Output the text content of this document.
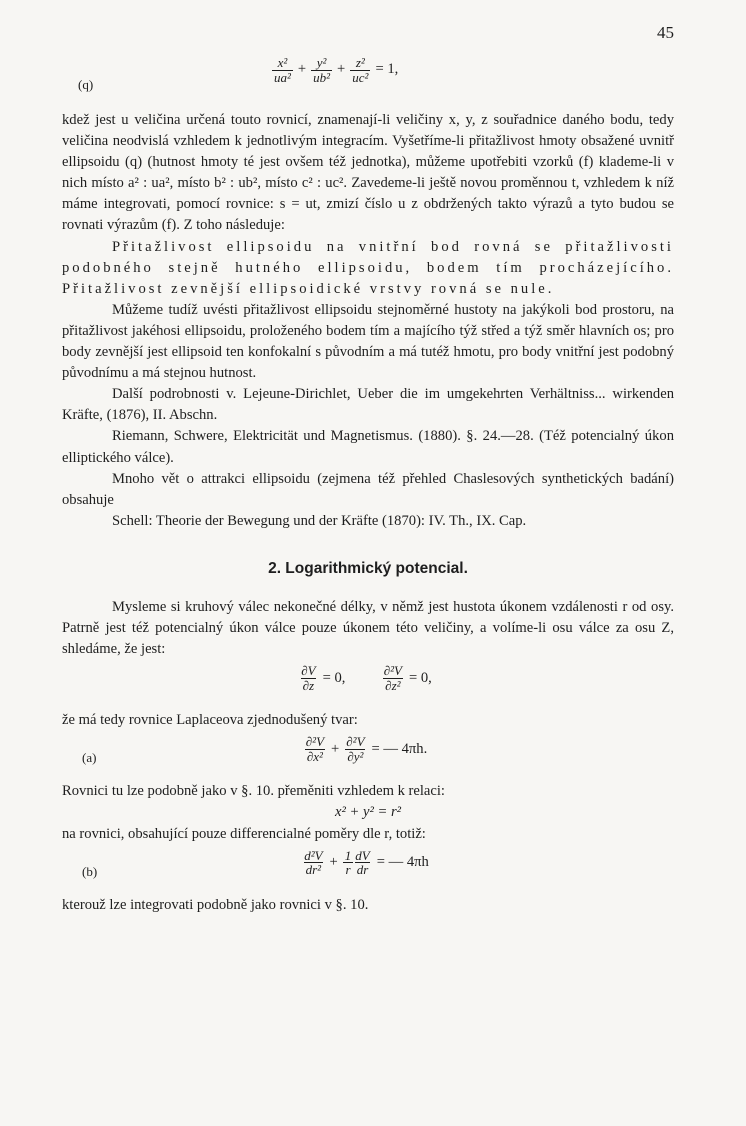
45
(q)
$\frac{\text{x²}}{\text{ua²}} + \frac{\text{y²}}{\text{ub²}} + \frac{\text{z²}}{\text{uc²}} = 1$,

kdež jest u veličina určená touto rovnicí, znamenají-li veličiny x, y, z souřadnice daného bodu, tedy veličina neodvislá vzhledem k jednotlivým integracím. Vyšetříme-li přitažlivost hmoty obsažené uvnitř ellipsoidu (q) (hutnost hmoty té jest ovšem též jednotka), můžeme upotřebiti vzorků (f) klademe-li v nich místo a² : ua², místo b² : ub², místo c² : uc². Zavedeme-li ještě novou proměnnou t, vzhledem k níž máme integrovati, pomocí rovnice: s = ut, zmizí číslo u z obdržených takto výrazů a tyto budou se rovnati výrazům (f). Z toho následuje:

Přitažlivost ellipsoidu na vnitřní bod rovná se přitažlivosti podobného stejně hutného ellipsoidu, bodem tím procházejícího. Přitažlivost zevnější ellipsoidické vrstvy rovná se nule.

Můžeme tudíž uvésti přitažlivost ellipsoidu stejnoměrné hustoty na jakýkoli bod prostoru, na přitažlivost jakéhosi ellipsoidu, proloženého bodem tím a majícího týž střed a týž směr hlavních os; pro body zevnější jest ellipsoid ten konfokalní s původním a má tutéž hmotu, pro body vnitřní jest podobný původnímu a má stejnou hutnost.

Další podrobnosti v. Lejeune-Dirichlet, Ueber die im umgekehrten Verhältniss... wirkenden Kräfte, (1876), II. Abschn.

Riemann, Schwere, Elektricität und Magnetismus. (1880). §. 24.—28. (Též potencialný úkon elliptického válce).

Mnoho vět o attrakci ellipsoidu (zejmena též přehled Chaslesových synthetických badání) obsahuje

Schell: Theorie der Bewegung und der Kräfte (1870): IV. Th., IX. Cap.

2. Logarithmický potencial.

Mysleme si kruhový válec nekonečné délky, v němž jest hustota úkonem vzdálenosti r od osy. Patrně jest též potencialný úkon válce pouze úkonem této veličiny, a volíme-li osu válce za osu Z, shledáme, že jest:

$\frac{\partial V}{\partial z} = 0$,	$\frac{\text{∂²V}}{\text{∂z²}} = 0$,

že má tedy rovnice Laplaceova zjednodušený tvar:

(a)	$\frac{\text{∂²V}}{\text{∂x²}} + \frac{\text{∂²V}}{\text{∂y²}}$ = — 4πh.

Rovnici tu lze podobně jako v §. 10. přeměniti vzhledem k relaci:

x² + y² = r²

na rovnici, obsahující pouze differencialné poměry dle r, totiž:

(b)	$\frac{\text{d²V}}{\text{dr²}} + \frac{1}{r} \frac{dV}{dr}$ = — 4πh

kterouž lze integrovati podobně jako rovnici v §. 10.
